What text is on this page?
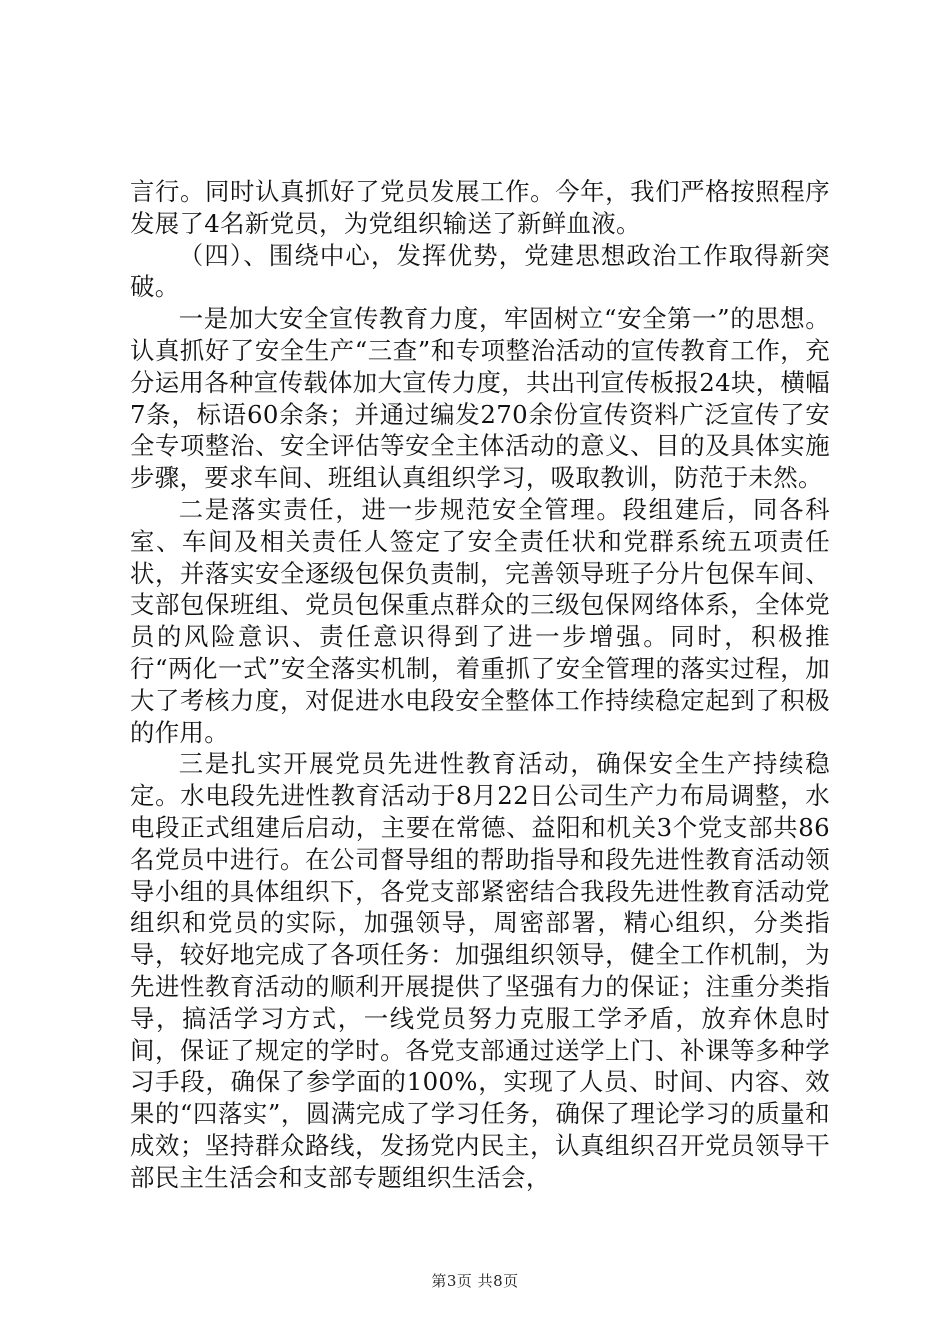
言行。同时认真抓好了党员发展工作。今年，我们严格按照程序发展了4名新党员，为党组织输送了新鲜血液。

（四）、围绕中心，发挥优势，党建思想政治工作取得新突破。

一是加大安全宣传教育力度，牢固树立“安全第一”的思想。认真抓好了安全生产“三查”和专项整治活动的宣传教育工作，充分运用各种宣传载体加大宣传力度，共出刊宣传板报24块，横幅7条，标语60余条；并通过编发270余份宣传资料广泛宣传了安全专项整治、安全评估等安全主体活动的意义、目的及具体实施步骤，要求车间、班组认真组织学习，吸取教训，防范于未然。

二是落实责任，进一步规范安全管理。段组建后，同各科室、车间及相关责任人签定了安全责任状和党群系统五项责任状，并落实安全逐级包保负责制，完善领导班子分片包保车间、支部包保班组、党员包保重点群众的三级包保网络体系，全体党员的风险意识、责任意识得到了进一步增强。同时，积极推行“两化一式”安全落实机制，着重抓了安全管理的落实过程，加大了考核力度，对促进水电段安全整体工作持续稳定起到了积极的作用。

三是扎实开展党员先进性教育活动，确保安全生产持续稳定。水电段先进性教育活动于8月22日公司生产力布局调整，水电段正式组建后启动，主要在常德、益阳和机关3个党支部共86名党员中进行。在公司督导组的帮助指导和段先进性教育活动领导小组的具体组织下，各党支部紧密结合我段先进性教育活动党组织和党员的实际，加强领导，周密部署，精心组织，分类指导，较好地完成了各项任务：加强组织领导，健全工作机制，为先进性教育活动的顺利开展提供了坚强有力的保证；注重分类指导，搞活学习方式，一线党员努力克服工学矛盾，放弃休息时间，保证了规定的学时。各党支部通过送学上门、补课等多种学习手段，确保了参学面的100%，实现了人员、时间、内容、效果的“四落实”，圆满完成了学习任务，确保了理论学习的质量和成效；坚持群众路线，发扬党内民主，认真组织召开党员领导干部民主生活会和支部专题组织生活会，

第3页 共8页
